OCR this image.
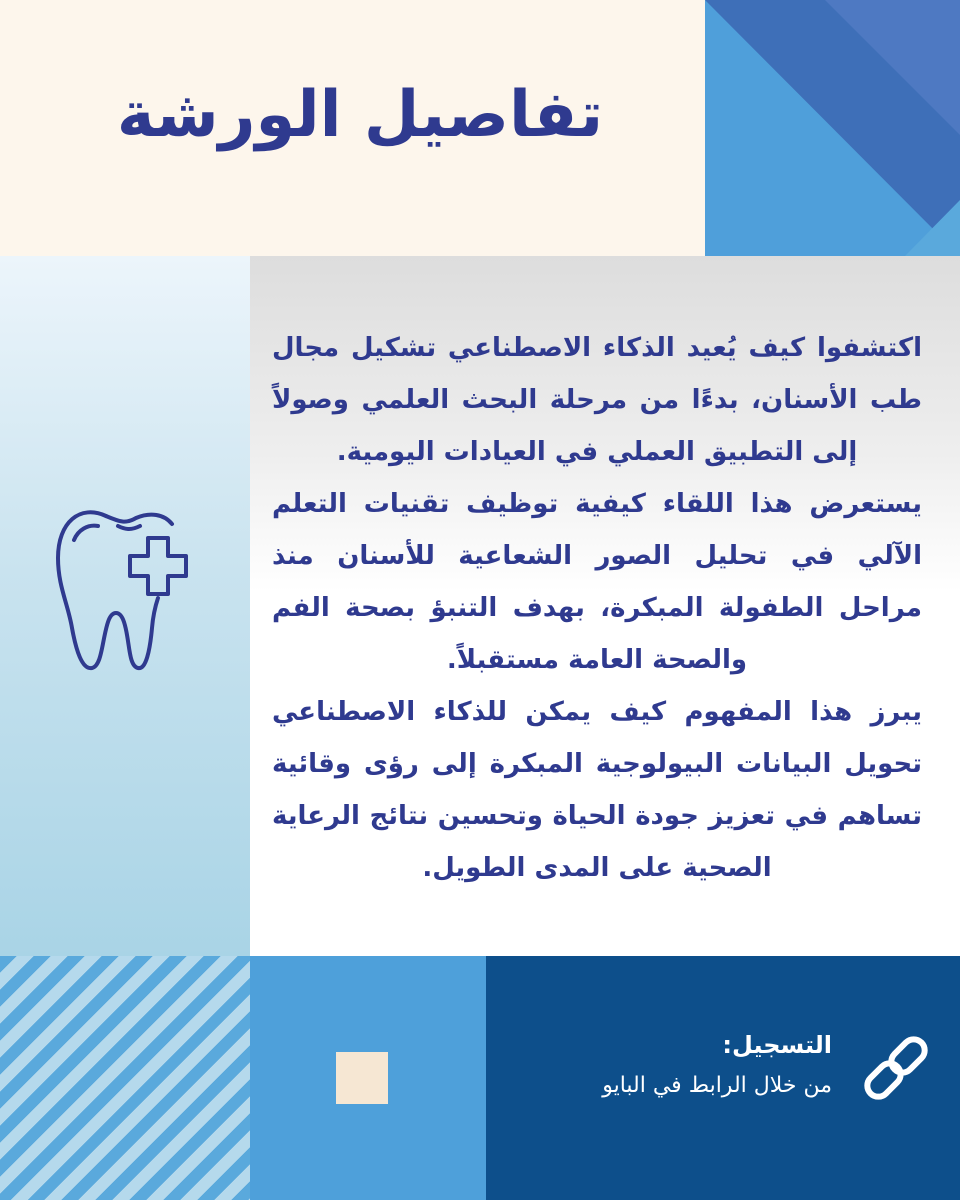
تفاصيل الورشة

اكتشفوا كيف يُعيد الذكاء الاصطناعي تشكيل مجال طب الأسنان، بدءًا من مرحلة البحث العلمي وصولاً إلى التطبيق العملي في العيادات اليومية.

يستعرض هذا اللقاء كيفية توظيف تقنيات التعلم الآلي في تحليل الصور الشعاعية للأسنان منذ مراحل الطفولة المبكرة، بهدف التنبؤ بصحة الفم والصحة العامة مستقبلاً.

يبرز هذا المفهوم كيف يمكن للذكاء الاصطناعي تحويل البيانات البيولوجية المبكرة إلى رؤى وقائية تساهم في تعزيز جودة الحياة وتحسين نتائج الرعاية الصحية على المدى الطويل.

التسجيل:
من خلال الرابط في البايو
